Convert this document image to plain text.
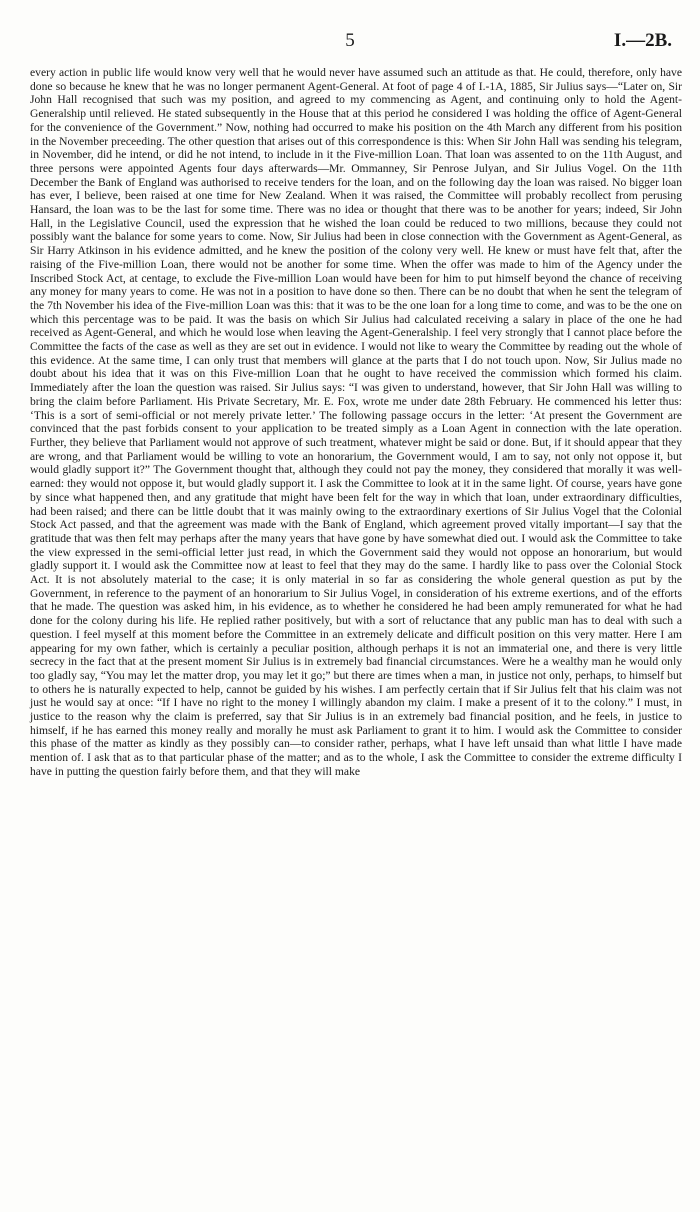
5	I.—2B.

every action in public life would know very well that he would never have assumed such an attitude as that. He could, therefore, only have done so because he knew that he was no longer permanent Agent-General. At foot of page 4 of I.-1A, 1885, Sir Julius says—“Later on, Sir John Hall recognised that such was my position, and agreed to my commencing as Agent, and continuing only to hold the Agent-Generalship until relieved. He stated subsequently in the House that at this period he considered I was holding the office of Agent-General for the convenience of the Government.” Now, nothing had occurred to make his position on the 4th March any different from his position in the November preceeding. The other question that arises out of this correspondence is this: When Sir John Hall was sending his telegram, in November, did he intend, or did he not intend, to include in it the Five-million Loan. That loan was assented to on the 11th August, and three persons were appointed Agents four days afterwards—Mr. Ommanney, Sir Penrose Julyan, and Sir Julius Vogel. On the 11th December the Bank of England was authorised to receive tenders for the loan, and on the following day the loan was raised. No bigger loan has ever, I believe, been raised at one time for New Zealand. When it was raised, the Committee will probably recollect from perusing Hansard, the loan was to be the last for some time. There was no idea or thought that there was to be another for years; indeed, Sir John Hall, in the Legislative Council, used the expression that he wished the loan could be reduced to two millions, because they could not possibly want the balance for some years to come. Now, Sir Julius had been in close connection with the Government as Agent-General, as Sir Harry Atkinson in his evidence admitted, and he knew the position of the colony very well. He knew or must have felt that, after the raising of the Five-million Loan, there would not be another for some time. When the offer was made to him of the Agency under the Inscribed Stock Act, at centage, to exclude the Five-million Loan would have been for him to put himself beyond the chance of receiving any money for many years to come. He was not in a position to have done so then. There can be no doubt that when he sent the telegram of the 7th November his idea of the Five-million Loan was this: that it was to be the one loan for a long time to come, and was to be the one on which this percentage was to be paid. It was the basis on which Sir Julius had calculated receiving a salary in place of the one he had received as Agent-General, and which he would lose when leaving the Agent-Generalship. I feel very strongly that I cannot place before the Committee the facts of the case as well as they are set out in evidence. I would not like to weary the Committee by reading out the whole of this evidence. At the same time, I can only trust that members will glance at the parts that I do not touch upon. Now, Sir Julius made no doubt about his idea that it was on this Five-million Loan that he ought to have received the commission which formed his claim. Immediately after the loan the question was raised. Sir Julius says: “I was given to understand, however, that Sir John Hall was willing to bring the claim before Parliament. His Private Secretary, Mr. E. Fox, wrote me under date 28th February. He commenced his letter thus: ‘This is a sort of semi-official or not merely private letter.’ The following passage occurs in the letter: ‘At present the Government are convinced that the past forbids consent to your application to be treated simply as a Loan Agent in connection with the late operation. Further, they believe that Parliament would not approve of such treatment, whatever might be said or done. But, if it should appear that they are wrong, and that Parliament would be willing to vote an honorarium, the Government would, I am to say, not only not oppose it, but would gladly support it?” The Government thought that, although they could not pay the money, they considered that morally it was well-earned: they would not oppose it, but would gladly support it. I ask the Committee to look at it in the same light. Of course, years have gone by since what happened then, and any gratitude that might have been felt for the way in which that loan, under extraordinary difficulties, had been raised; and there can be little doubt that it was mainly owing to the extraordinary exertions of Sir Julius Vogel that the Colonial Stock Act passed, and that the agreement was made with the Bank of England, which agreement proved vitally important—I say that the gratitude that was then felt may perhaps after the many years that have gone by have somewhat died out. I would ask the Committee to take the view expressed in the semi-official letter just read, in which the Government said they would not oppose an honorarium, but would gladly support it. I would ask the Committee now at least to feel that they may do the same. I hardly like to pass over the Colonial Stock Act. It is not absolutely material to the case; it is only material in so far as considering the whole general question as put by the Government, in reference to the payment of an honorarium to Sir Julius Vogel, in consideration of his extreme exertions, and of the efforts that he made. The question was asked him, in his evidence, as to whether he considered he had been amply remunerated for what he had done for the colony during his life. He replied rather positively, but with a sort of reluctance that any public man has to deal with such a question. I feel myself at this moment before the Committee in an extremely delicate and difficult position on this very matter. Here I am appearing for my own father, which is certainly a peculiar position, although perhaps it is not an immaterial one, and there is very little secrecy in the fact that at the present moment Sir Julius is in extremely bad financial circumstances. Were he a wealthy man he would only too gladly say, “You may let the matter drop, you may let it go;” but there are times when a man, in justice not only, perhaps, to himself but to others he is naturally expected to help, cannot be guided by his wishes. I am perfectly certain that if Sir Julius felt that his claim was not just he would say at once: “If I have no right to the money I willingly abandon my claim. I make a present of it to the colony.” I must, in justice to the reason why the claim is preferred, say that Sir Julius is in an extremely bad financial position, and he feels, in justice to himself, if he has earned this money really and morally he must ask Parliament to grant it to him. I would ask the Committee to consider this phase of the matter as kindly as they possibly can—to consider rather, perhaps, what I have left unsaid than what little I have made mention of. I ask that as to that particular phase of the matter; and as to the whole, I ask the Committee to consider the extreme difficulty I have in putting the question fairly before them, and that they will make
